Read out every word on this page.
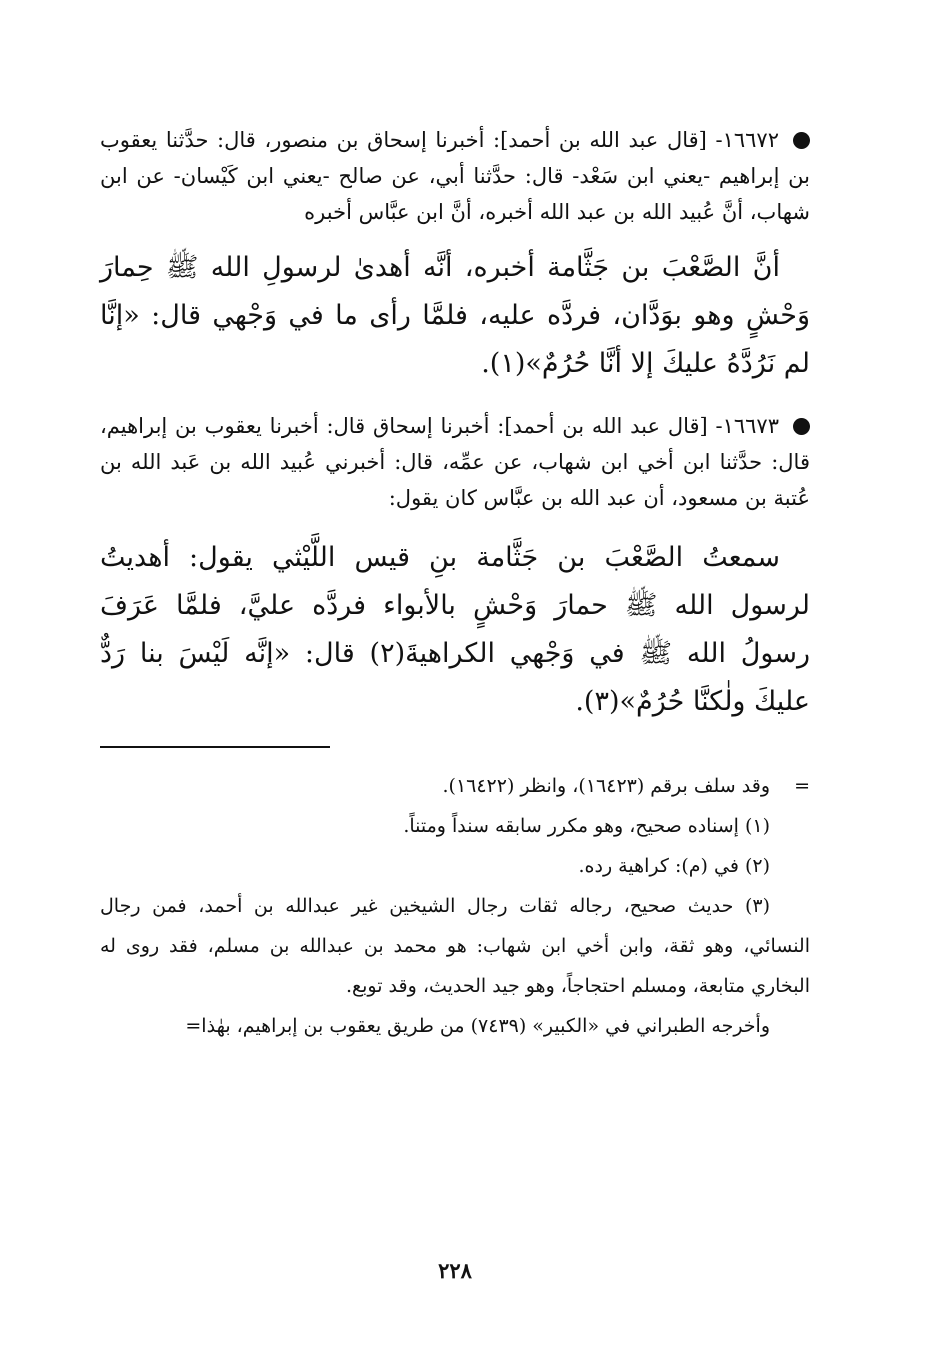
١٦٦٧٢- [قال عبد الله بن أحمد]: أخبرنا إسحاق بن منصور، قال: حدَّثنا يعقوب بن إبراهيم -يعني ابن سَعْد- قال: حدَّثنا أبي، عن صالح -يعني ابن كَيْسان- عن ابن شهاب، أنَّ عُبيد الله بن عبد الله أخبره، أنَّ ابن عبَّاس أخبره

أنَّ الصَّعْبَ بن جَثَّامة أخبره، أنَّه أهدىٰ لرسولِ الله ﷺ حِمارَ وَحْشٍ وهو بوَدَّان، فردَّه عليه، فلمَّا رأى ما في وَجْهي قال: «إنَّا لم نَرُدَّهُ عليكَ إلا أنَّا حُرُمٌ»(١).

١٦٦٧٣- [قال عبد الله بن أحمد]: أخبرنا إسحاق قال: أخبرنا يعقوب بن إبراهيم، قال: حدَّثنا ابن أخي ابن شهاب، عن عمِّه، قال: أخبرني عُبيد الله بن عَبد الله بن عُتبة بن مسعود، أن عبد الله بن عبَّاس كان يقول:

سمعتُ الصَّعْبَ بن جَثَّامة بنِ قيس اللَّيْثي يقول: أهديتُ لرسول الله ﷺ حمارَ وَحْشٍ بالأبواء فردَّه عليَّ، فلمَّا عَرَفَ رسولُ الله ﷺ في وَجْهي الكراهيةَ(٢) قال: «إنَّه لَيْسَ بنا رَدٌّ عليكَ ولٰكنَّا حُرُمٌ»(٣).

=
وقد سلف برقم (١٦٤٢٣)، وانظر (١٦٤٢٢).

(١) إسناده صحيح، وهو مكرر سابقه سنداً ومتناً.

(٢) في (م): كراهية رده.

(٣) حديث صحيح، رجاله ثقات رجال الشيخين غير عبدالله بن أحمد، فمن رجال النسائي، وهو ثقة، وابن أخي ابن شهاب: هو محمد بن عبدالله بن مسلم، فقد روى له البخاري متابعة، ومسلم احتجاجاً، وهو جيد الحديث، وقد توبع.

وأخرجه الطبراني في «الكبير» (٧٤٣٩) من طريق يعقوب بن إبراهيم، بهٰذا=

٢٢٨
